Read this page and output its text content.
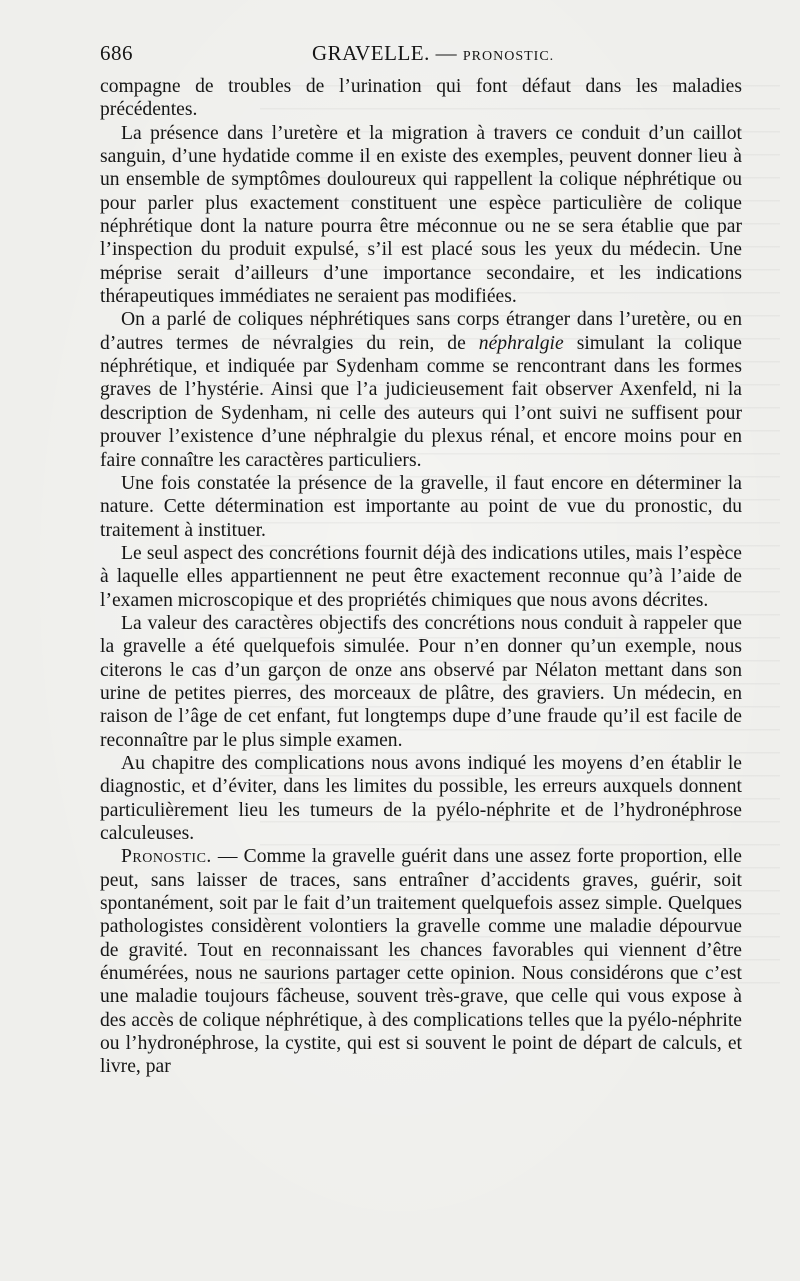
686	GRAVELLE. — PRONOSTIC.

compagne de troubles de l’urination qui font défaut dans les maladies précédentes.

La présence dans l’uretère et la migration à travers ce conduit d’un caillot sanguin, d’une hydatide comme il en existe des exemples, peuvent donner lieu à un ensemble de symptômes douloureux qui rappellent la colique néphrétique ou pour parler plus exactement constituent une espèce particulière de colique néphrétique dont la nature pourra être méconnue ou ne se sera établie que par l’inspection du produit expulsé, s’il est placé sous les yeux du médecin. Une méprise serait d’ailleurs d’une importance secondaire, et les indications thérapeutiques immédiates ne seraient pas modifiées.

On a parlé de coliques néphrétiques sans corps étranger dans l’uretère, ou en d’autres termes de névralgies du rein, de néphralgie simulant la colique néphrétique, et indiquée par Sydenham comme se rencontrant dans les formes graves de l’hystérie. Ainsi que l’a judicieusement fait observer Axenfeld, ni la description de Sydenham, ni celle des auteurs qui l’ont suivi ne suffisent pour prouver l’existence d’une néphralgie du plexus rénal, et encore moins pour en faire connaître les caractères particuliers.

Une fois constatée la présence de la gravelle, il faut encore en déterminer la nature. Cette détermination est importante au point de vue du pronostic, du traitement à instituer.

Le seul aspect des concrétions fournit déjà des indications utiles, mais l’espèce à laquelle elles appartiennent ne peut être exactement reconnue qu’à l’aide de l’examen microscopique et des propriétés chimiques que nous avons décrites.

La valeur des caractères objectifs des concrétions nous conduit à rappeler que la gravelle a été quelquefois simulée. Pour n’en donner qu’un exemple, nous citerons le cas d’un garçon de onze ans observé par Nélaton mettant dans son urine de petites pierres, des morceaux de plâtre, des graviers. Un médecin, en raison de l’âge de cet enfant, fut longtemps dupe d’une fraude qu’il est facile de reconnaître par le plus simple examen.

Au chapitre des complications nous avons indiqué les moyens d’en établir le diagnostic, et d’éviter, dans les limites du possible, les erreurs auxquels donnent particulièrement lieu les tumeurs de la pyélo-néphrite et de l’hydronéphrose calculeuses.

Pronostic. — Comme la gravelle guérit dans une assez forte proportion, elle peut, sans laisser de traces, sans entraîner d’accidents graves, guérir, soit spontanément, soit par le fait d’un traitement quelquefois assez simple. Quelques pathologistes considèrent volontiers la gravelle comme une maladie dépourvue de gravité. Tout en reconnaissant les chances favorables qui viennent d’être énumérées, nous ne saurions partager cette opinion. Nous considérons que c’est une maladie toujours fâcheuse, souvent très-grave, que celle qui vous expose à des accès de colique néphrétique, à des complications telles que la pyélo-néphrite ou l’hydronéphrose, la cystite, qui est si souvent le point de départ de calculs, et livre, par
